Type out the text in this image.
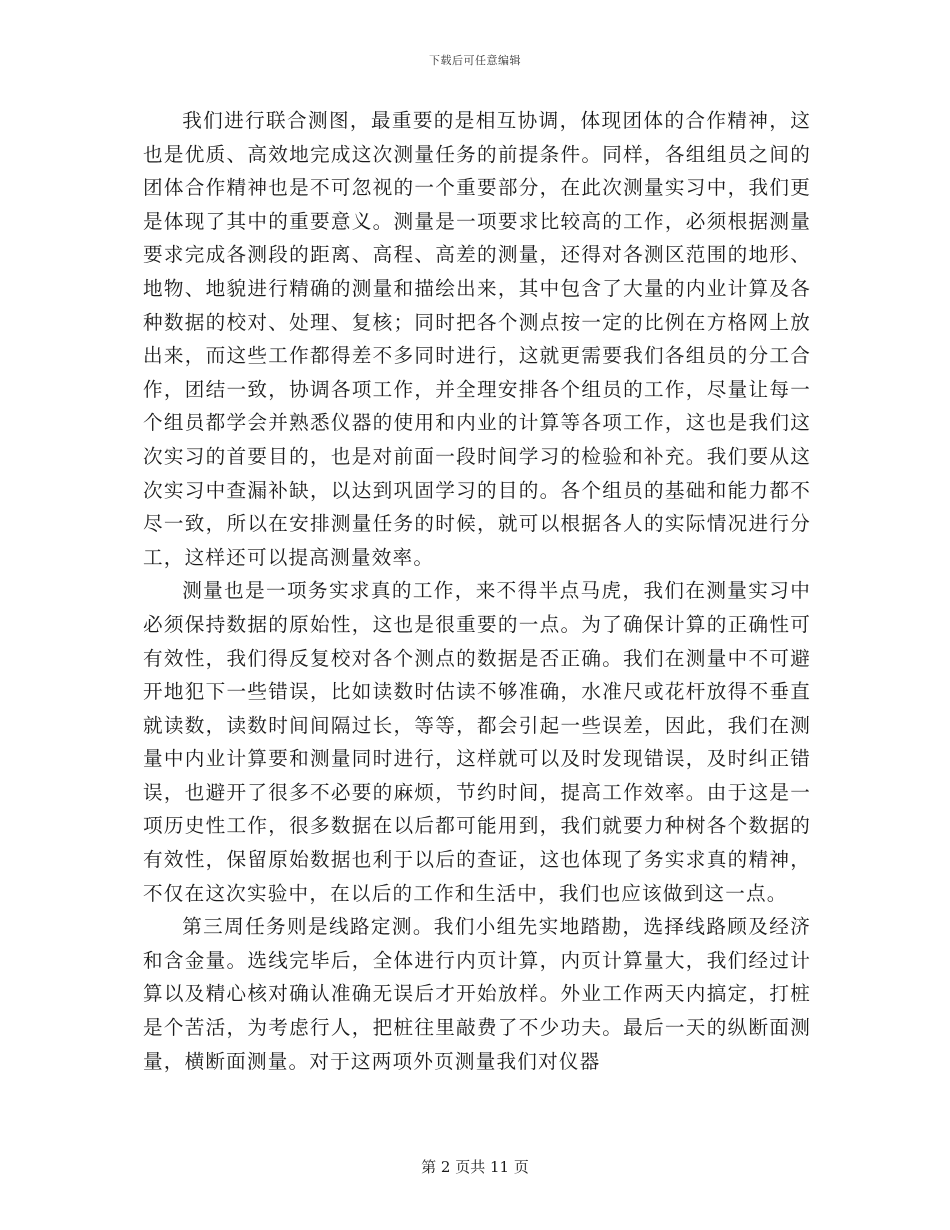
下载后可任意编辑

我们进行联合测图，最重要的是相互协调，体现团体的合作精神，这也是优质、高效地完成这次测量任务的前提条件。同样，各组组员之间的团体合作精神也是不可忽视的一个重要部分，在此次测量实习中，我们更是体现了其中的重要意义。测量是一项要求比较高的工作，必须根据测量要求完成各测段的距离、高程、高差的测量，还得对各测区范围的地形、地物、地貌进行精确的测量和描绘出来，其中包含了大量的内业计算及各种数据的校对、处理、复核；同时把各个测点按一定的比例在方格网上放出来，而这些工作都得差不多同时进行，这就更需要我们各组员的分工合作，团结一致，协调各项工作，并全理安排各个组员的工作，尽量让每一个组员都学会并熟悉仪器的使用和内业的计算等各项工作，这也是我们这次实习的首要目的，也是对前面一段时间学习的检验和补充。我们要从这次实习中查漏补缺，以达到巩固学习的目的。各个组员的基础和能力都不尽一致，所以在安排测量任务的时候，就可以根据各人的实际情况进行分工，这样还可以提高测量效率。

测量也是一项务实求真的工作，来不得半点马虎，我们在测量实习中必须保持数据的原始性，这也是很重要的一点。为了确保计算的正确性可有效性，我们得反复校对各个测点的数据是否正确。我们在测量中不可避开地犯下一些错误，比如读数时估读不够准确，水准尺或花杆放得不垂直就读数，读数时间间隔过长，等等，都会引起一些误差，因此，我们在测量中内业计算要和测量同时进行，这样就可以及时发现错误，及时纠正错误，也避开了很多不必要的麻烦，节约时间，提高工作效率。由于这是一项历史性工作，很多数据在以后都可能用到，我们就要力种树各个数据的有效性，保留原始数据也利于以后的查证，这也体现了务实求真的精神，不仅在这次实验中，在以后的工作和生活中，我们也应该做到这一点。

第三周任务则是线路定测。我们小组先实地踏勘，选择线路顾及经济和含金量。选线完毕后，全体进行内页计算，内页计算量大，我们经过计算以及精心核对确认准确无误后才开始放样。外业工作两天内搞定，打桩是个苦活，为考虑行人，把桩往里敲费了不少功夫。最后一天的纵断面测量，横断面测量。对于这两项外页测量我们对仪器

第 2 页共 11 页
